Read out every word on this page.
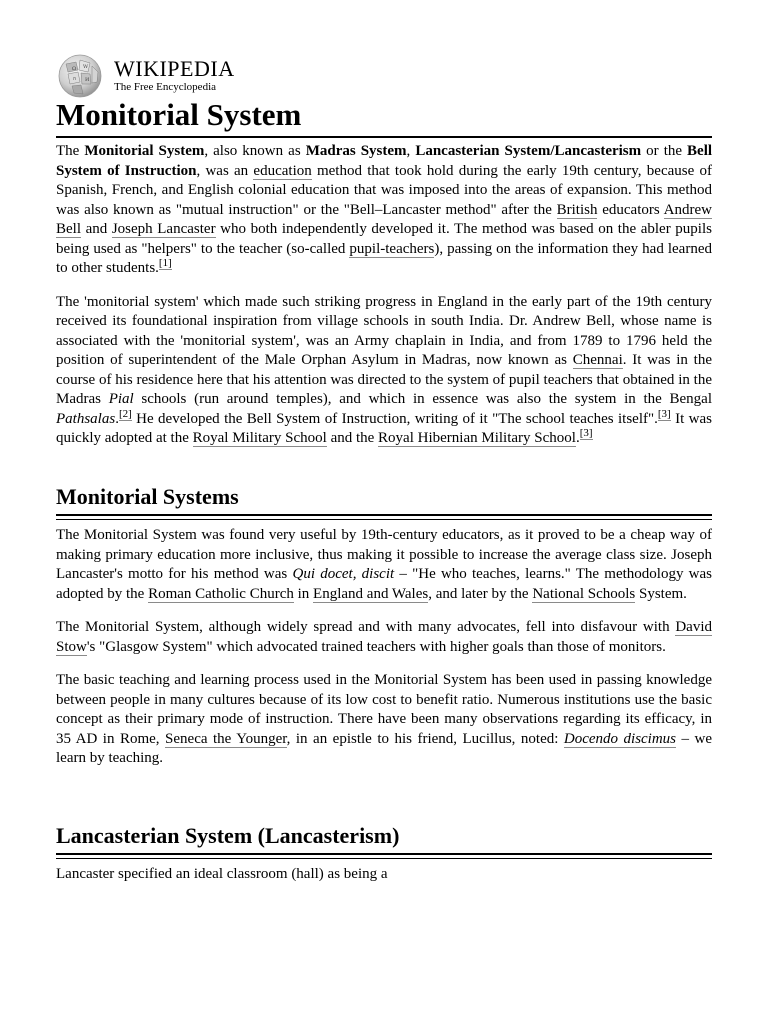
Ω W
ก И WIKIPEDIA
The Free Encyclopedia
Monitorial System

The Monitorial System, also known as Madras System, Lancasterian System/Lancasterism or the Bell System of Instruction, was an education method that took hold during the early 19th century, because of Spanish, French, and English colonial education that was imposed into the areas of expansion. This method was also known as "mutual instruction" or the "Bell–Lancaster method" after the British educators Andrew Bell and Joseph Lancaster who both independently developed it. The method was based on the abler pupils being used as "helpers" to the teacher (so-called pupil-teachers), passing on the information they had learned to other students.[1]

The 'monitorial system' which made such striking progress in England in the early part of the 19th century received its foundational inspiration from village schools in south India. Dr. Andrew Bell, whose name is associated with the 'monitorial system', was an Army chaplain in India, and from 1789 to 1796 held the position of superintendent of the Male Orphan Asylum in Madras, now known as Chennai. It was in the course of his residence here that his attention was directed to the system of pupil teachers that obtained in the Madras Pial schools (run around temples), and which in essence was also the system in the Bengal Pathsalas.[2] He developed the Bell System of Instruction, writing of it "The school teaches itself".[3] It was quickly adopted at the Royal Military School and the Royal Hibernian Military School.[3]

Monitorial Systems

The Monitorial System was found very useful by 19th-century educators, as it proved to be a cheap way of making primary education more inclusive, thus making it possible to increase the average class size. Joseph Lancaster's motto for his method was Qui docet, discit – "He who teaches, learns." The methodology was adopted by the Roman Catholic Church in England and Wales, and later by the National Schools System.

The Monitorial System, although widely spread and with many advocates, fell into disfavour with David Stow's "Glasgow System" which advocated trained teachers with higher goals than those of monitors.

The basic teaching and learning process used in the Monitorial System has been used in passing knowledge between people in many cultures because of its low cost to benefit ratio. Numerous institutions use the basic concept as their primary mode of instruction. There have been many observations regarding its efficacy, in 35 AD in Rome, Seneca the Younger, in an epistle to his friend, Lucillus, noted: Docendo discimus – we learn by teaching.

Lancasterian System (Lancasterism)

Lancaster specified an ideal classroom (hall) as being a
